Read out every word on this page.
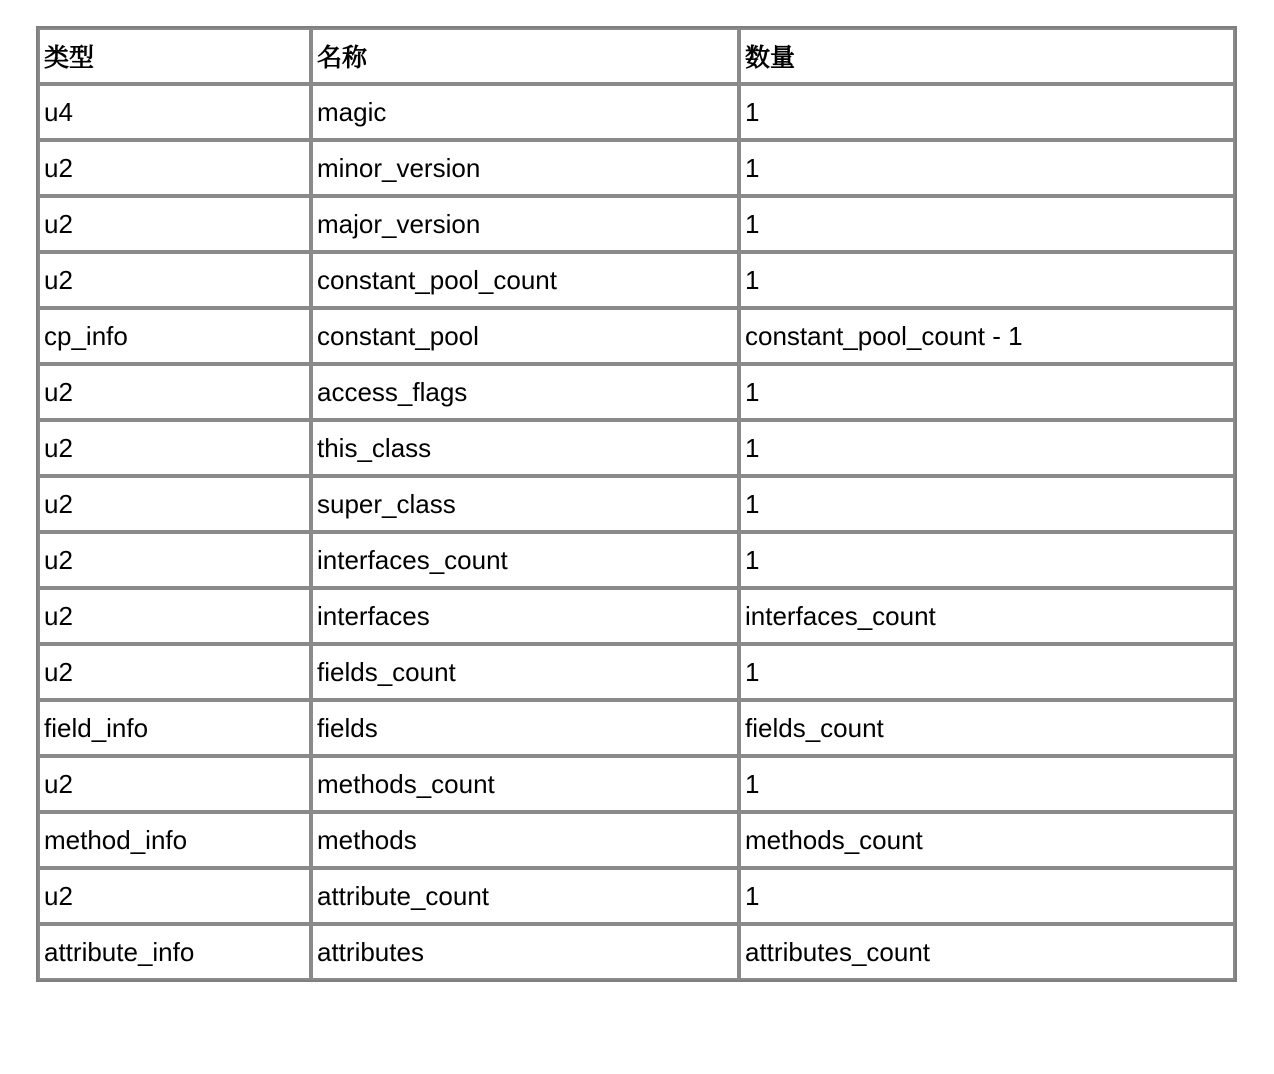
类型	名称	数量
u4	magic	1
u2	minor_version	1
u2	major_version	1
u2	constant_pool_count	1
cp_info	constant_pool	constant_pool_count - 1
u2	access_flags	1
u2	this_class	1
u2	super_class	1
u2	interfaces_count	1
u2	interfaces	interfaces_count
u2	fields_count	1
field_info	fields	fields_count
u2	methods_count	1
method_info	methods	methods_count
u2	attribute_count	1
attribute_info	attributes	attributes_count
